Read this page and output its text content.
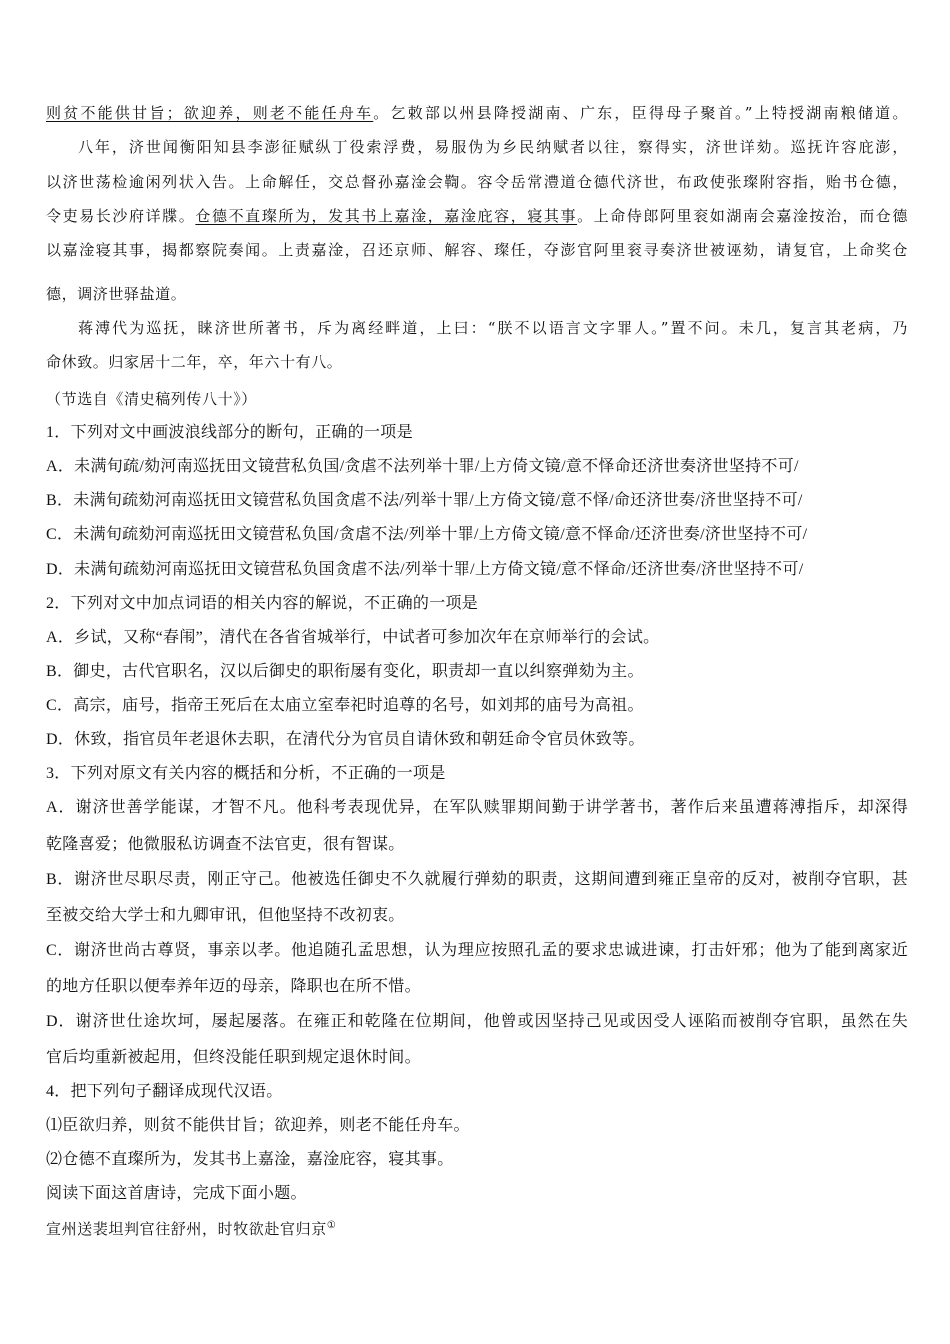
则贫不能供甘旨；欲迎养，则老不能任舟车。乞敕部以州县降授湖南、广东，臣得母子聚首。”上特授湖南粮储道。
八年，济世闻衡阳知县李澎征赋纵丁役索浮费，易服伪为乡民纳赋者以往，察得实，济世详劾。巡抚许容庇澎，
以济世荡检逾闲列状入告。上命解任，交总督孙嘉淦会鞫。容令岳常澧道仓德代济世，布政使张璨附容指，贻书仓德，
令吏易长沙府详牒。仓德不直璨所为，发其书上嘉淦，嘉淦庇容，寝其事。上命侍郎阿里衮如湖南会嘉淦按治，而仓德
以嘉淦寝其事，揭都察院奏闻。上责嘉淦，召还京师、解容、璨任，夺澎官阿里衮寻奏济世被诬劾，请复官，上命奖仓
德，调济世驿盐道。
蒋溥代为巡抚，睐济世所著书，斥为离经畔道，上曰：“朕不以语言文字罪人。”置不问。未几，复言其老病，乃
命休致。归家居十二年，卒，年六十有八。
（节选自《清史稿列传八十》）
1．下列对文中画波浪线部分的断句，正确的一项是
A．未满旬疏/劾河南巡抚田文镜营私负国/贪虐不法列举十罪/上方倚文镜/意不怿命还济世奏济世坚持不可/
B．未满旬疏劾河南巡抚田文镜营私负国贪虐不法/列举十罪/上方倚文镜/意不怿/命还济世奏/济世坚持不可/
C．未满旬疏劾河南巡抚田文镜营私负国/贪虐不法/列举十罪/上方倚文镜/意不怿命/还济世奏/济世坚持不可/
D．未满旬疏劾河南巡抚田文镜营私负国贪虐不法/列举十罪/上方倚文镜/意不怿命/还济世奏/济世坚持不可/
2．下列对文中加点词语的相关内容的解说，不正确的一项是
A．乡试，又称“春闱”，清代在各省省城举行，中试者可参加次年在京师举行的会试。
B．御史，古代官职名，汉以后御史的职衔屡有变化，职责却一直以纠察弹劾为主。
C．高宗，庙号，指帝王死后在太庙立室奉祀时追尊的名号，如刘邦的庙号为高祖。
D．休致，指官员年老退休去职，在清代分为官员自请休致和朝廷命令官员休致等。
3．下列对原文有关内容的概括和分析，不正确的一项是
A．谢济世善学能谋，才智不凡。他科考表现优异，在军队赎罪期间勤于讲学著书，著作后来虽遭蒋溥指斥，却深得
乾隆喜爱；他微服私访调查不法官吏，很有智谋。
B．谢济世尽职尽责，刚正守己。他被选任御史不久就履行弹劾的职责，这期间遭到雍正皇帝的反对，被削夺官职，甚
至被交给大学士和九卿审讯，但他坚持不改初衷。
C．谢济世尚古尊贤，事亲以孝。他追随孔孟思想，认为理应按照孔孟的要求忠诚进谏，打击奸邪；他为了能到离家近
的地方任职以便奉养年迈的母亲，降职也在所不惜。
D．谢济世仕途坎坷，屡起屡落。在雍正和乾隆在位期间，他曾或因坚持己见或因受人诬陷而被削夺官职，虽然在失
官后均重新被起用，但终没能任职到规定退休时间。
4．把下列句子翻译成现代汉语。
⑴臣欲归养，则贫不能供甘旨；欲迎养，则老不能任舟车。
⑵仓德不直璨所为，发其书上嘉淦，嘉淦庇容，寝其事。
阅读下面这首唐诗，完成下面小题。
宣州送裴坦判官往舒州，时牧欲赴官归京①
